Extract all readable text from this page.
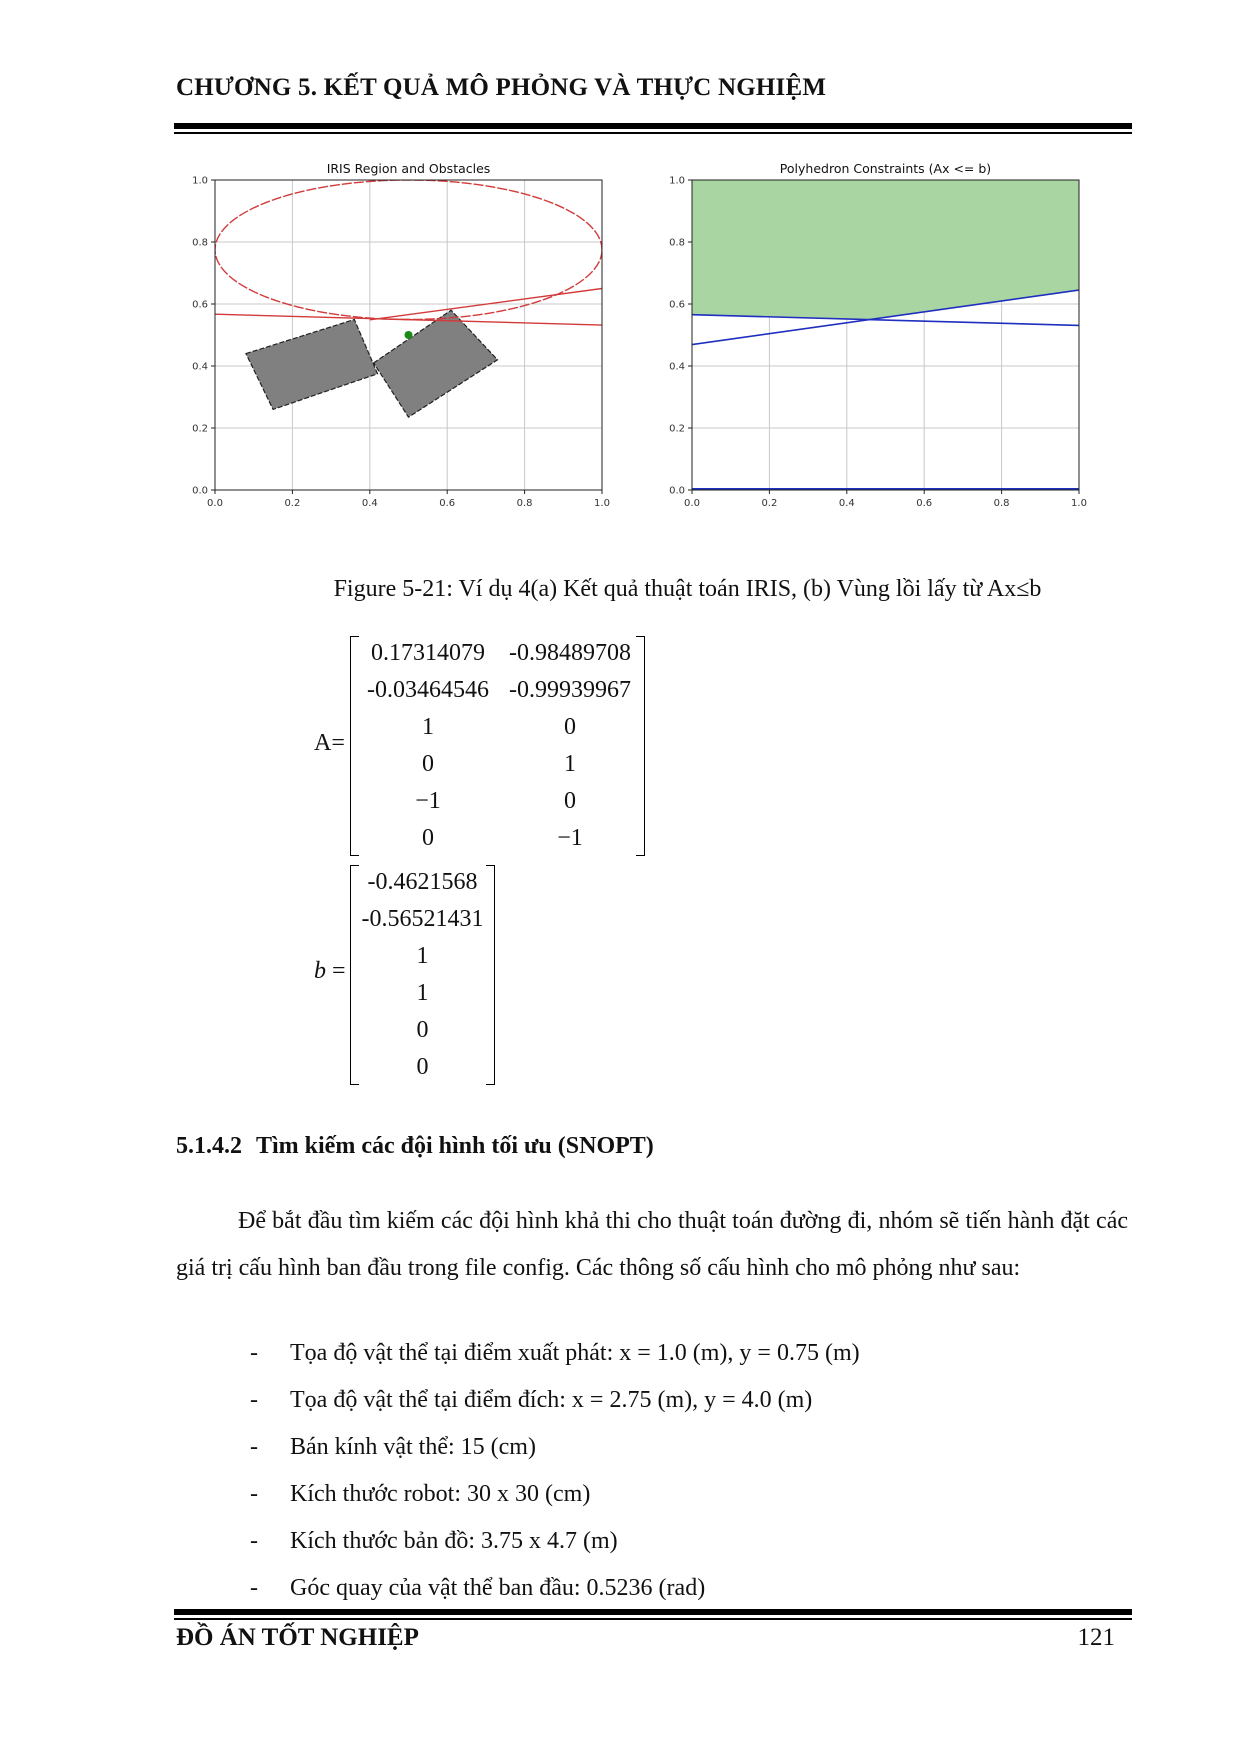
CHƯƠNG 5. KẾT QUẢ MÔ PHỎNG VÀ THỰC NGHIỆM
IRIS Region and Obstacles
0.0	0.2	0.4	0.6	0.8	1.0
0.0
0.2
0.4
0.6
0.8
1.0
Polyhedron Constraints (Ax <= b)
0.0	0.2	0.4	0.6	0.8	1.0
0.0
0.2
0.4
0.6
0.8
1.0
Figure 5-21: Ví dụ 4(a) Kết quả thuật toán IRIS, (b) Vùng lồi lấy từ Ax≤b
A=
0.17314079	-0.98489708
-0.03464546 -0.99939967
1	0
0	1
−1	0
0	−1
b =
-0.4621568
-0.56521431
1
1
0
0
5.1.4.2 Tìm kiếm các đội hình tối ưu (SNOPT)
Để bắt đầu tìm kiếm các đội hình khả thi cho thuật toán đường đi, nhóm sẽ tiến hành đặt các giá trị cấu hình ban đầu trong file config. Các thông số cấu hình cho mô phỏng như sau:
- Tọa độ vật thể tại điểm xuất phát: x = 1.0 (m), y = 0.75 (m)
- Tọa độ vật thể tại điểm đích: x = 2.75 (m), y = 4.0 (m)
- Bán kính vật thể: 15 (cm)
- Kích thước robot: 30 x 30 (cm)
- Kích thước bản đồ: 3.75 x 4.7 (m)
- Góc quay của vật thể ban đầu: 0.5236 (rad)
ĐỒ ÁN TỐT NGHIỆP	121
